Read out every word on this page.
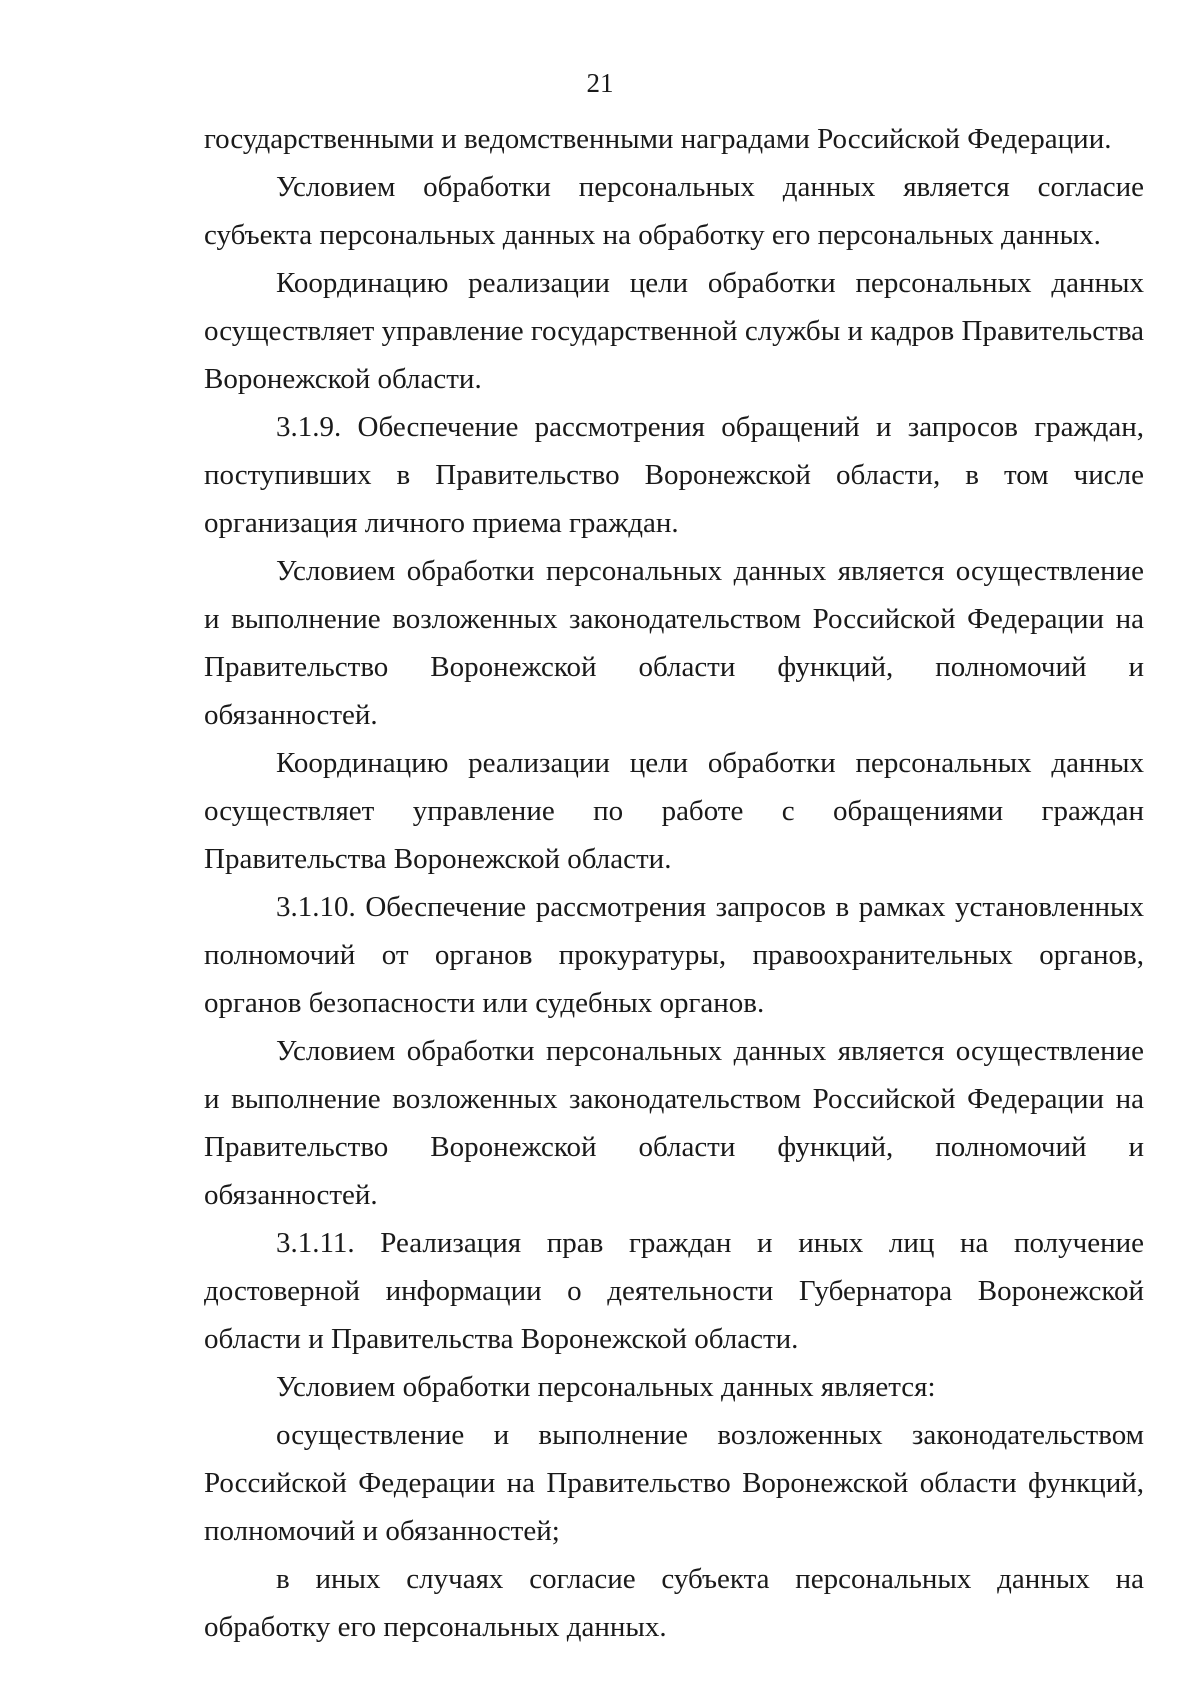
21

государственными и ведомственными наградами Российской Федерации.

Условием обработки персональных данных является согласие субъекта персональных данных на обработку его персональных данных.

Координацию реализации цели обработки персональных данных осуществляет управление государственной службы и кадров Правительства Воронежской области.

3.1.9. Обеспечение рассмотрения обращений и запросов граждан, поступивших в Правительство Воронежской области, в том числе организация личного приема граждан.

Условием обработки персональных данных является осуществление и выполнение возложенных законодательством Российской Федерации на Правительство Воронежской области функций, полномочий и обязанностей.

Координацию реализации цели обработки персональных данных осуществляет управление по работе с обращениями граждан Правительства Воронежской области.

3.1.10. Обеспечение рассмотрения запросов в рамках установленных полномочий от органов прокуратуры, правоохранительных органов, органов безопасности или судебных органов.

Условием обработки персональных данных является осуществление и выполнение возложенных законодательством Российской Федерации на Правительство Воронежской области функций, полномочий и обязанностей.

3.1.11. Реализация прав граждан и иных лиц на получение достоверной информации о деятельности Губернатора Воронежской области и Правительства Воронежской области.

Условием обработки персональных данных является:

осуществление и выполнение возложенных законодательством Российской Федерации на Правительство Воронежской области функций, полномочий и обязанностей;

в иных случаях согласие субъекта персональных данных на обработку его персональных данных.
